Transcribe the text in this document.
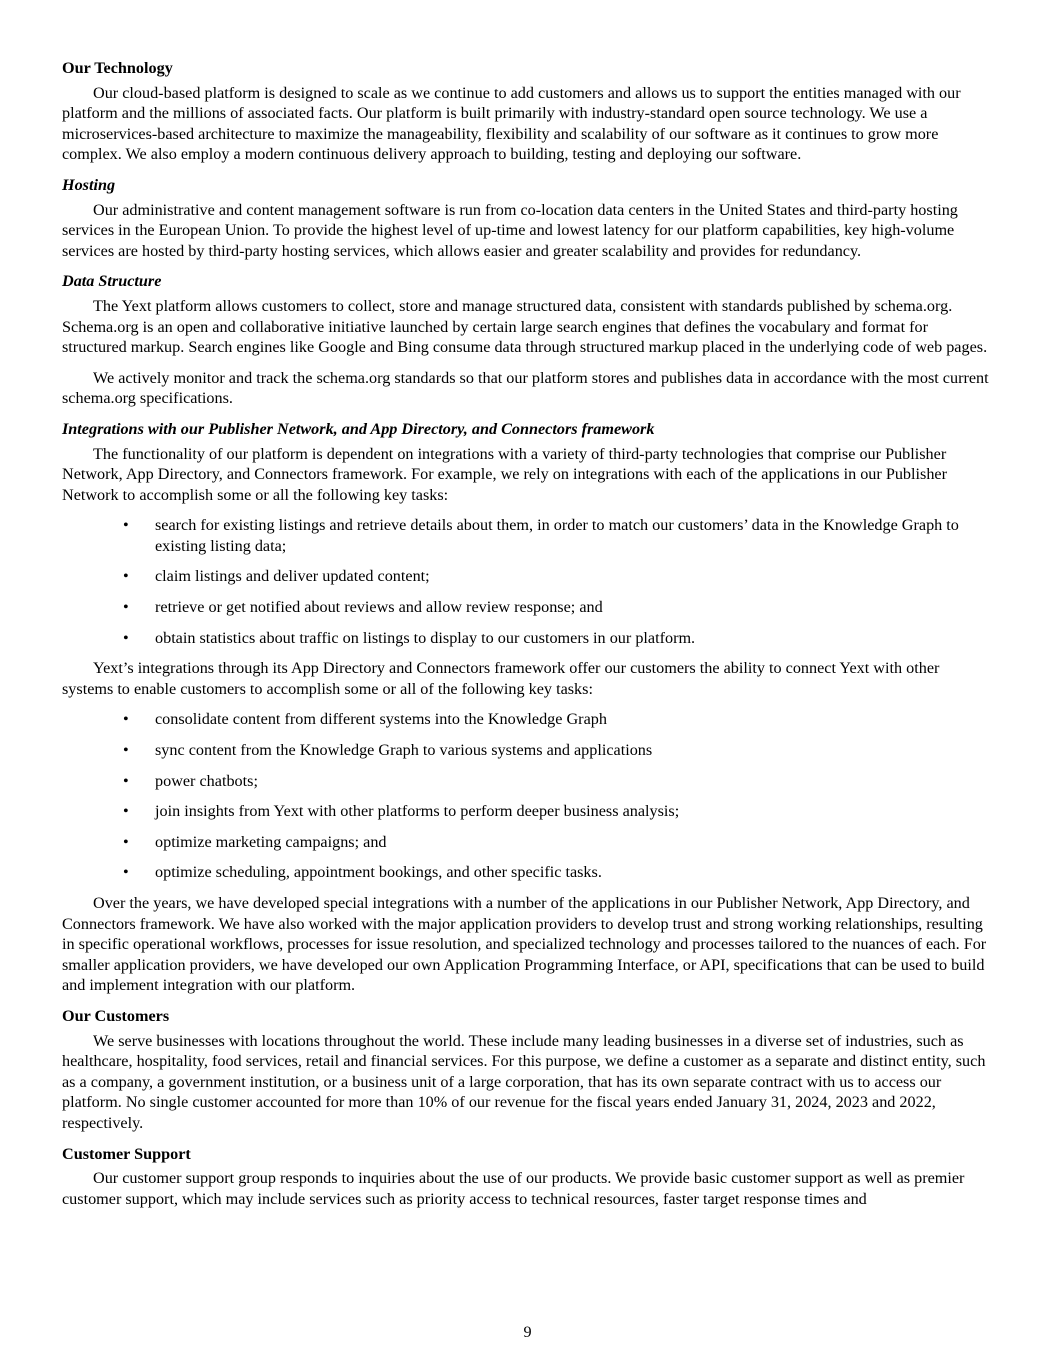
Our Technology
Our cloud-based platform is designed to scale as we continue to add customers and allows us to support the entities managed with our platform and the millions of associated facts. Our platform is built primarily with industry-standard open source technology. We use a microservices-based architecture to maximize the manageability, flexibility and scalability of our software as it continues to grow more complex. We also employ a modern continuous delivery approach to building, testing and deploying our software.
Hosting
Our administrative and content management software is run from co-location data centers in the United States and third-party hosting services in the European Union. To provide the highest level of up-time and lowest latency for our platform capabilities, key high-volume services are hosted by third-party hosting services, which allows easier and greater scalability and provides for redundancy.
Data Structure
The Yext platform allows customers to collect, store and manage structured data, consistent with standards published by schema.org. Schema.org is an open and collaborative initiative launched by certain large search engines that defines the vocabulary and format for structured markup. Search engines like Google and Bing consume data through structured markup placed in the underlying code of web pages.
We actively monitor and track the schema.org standards so that our platform stores and publishes data in accordance with the most current schema.org specifications.
Integrations with our Publisher Network, and App Directory, and Connectors framework
The functionality of our platform is dependent on integrations with a variety of third-party technologies that comprise our Publisher Network, App Directory, and Connectors framework. For example, we rely on integrations with each of the applications in our Publisher Network to accomplish some or all the following key tasks:
• search for existing listings and retrieve details about them, in order to match our customers’ data in the Knowledge Graph to existing listing data;
• claim listings and deliver updated content;
• retrieve or get notified about reviews and allow review response; and
• obtain statistics about traffic on listings to display to our customers in our platform.
Yext’s integrations through its App Directory and Connectors framework offer our customers the ability to connect Yext with other systems to enable customers to accomplish some or all of the following key tasks:
• consolidate content from different systems into the Knowledge Graph
• sync content from the Knowledge Graph to various systems and applications
• power chatbots;
• join insights from Yext with other platforms to perform deeper business analysis;
• optimize marketing campaigns; and
• optimize scheduling, appointment bookings, and other specific tasks.
Over the years, we have developed special integrations with a number of the applications in our Publisher Network, App Directory, and Connectors framework. We have also worked with the major application providers to develop trust and strong working relationships, resulting in specific operational workflows, processes for issue resolution, and specialized technology and processes tailored to the nuances of each. For smaller application providers, we have developed our own Application Programming Interface, or API, specifications that can be used to build and implement integration with our platform.
Our Customers
We serve businesses with locations throughout the world. These include many leading businesses in a diverse set of industries, such as healthcare, hospitality, food services, retail and financial services. For this purpose, we define a customer as a separate and distinct entity, such as a company, a government institution, or a business unit of a large corporation, that has its own separate contract with us to access our platform. No single customer accounted for more than 10% of our revenue for the fiscal years ended January 31, 2024, 2023 and 2022, respectively.
Customer Support
Our customer support group responds to inquiries about the use of our products. We provide basic customer support as well as premier customer support, which may include services such as priority access to technical resources, faster target response times and
9
